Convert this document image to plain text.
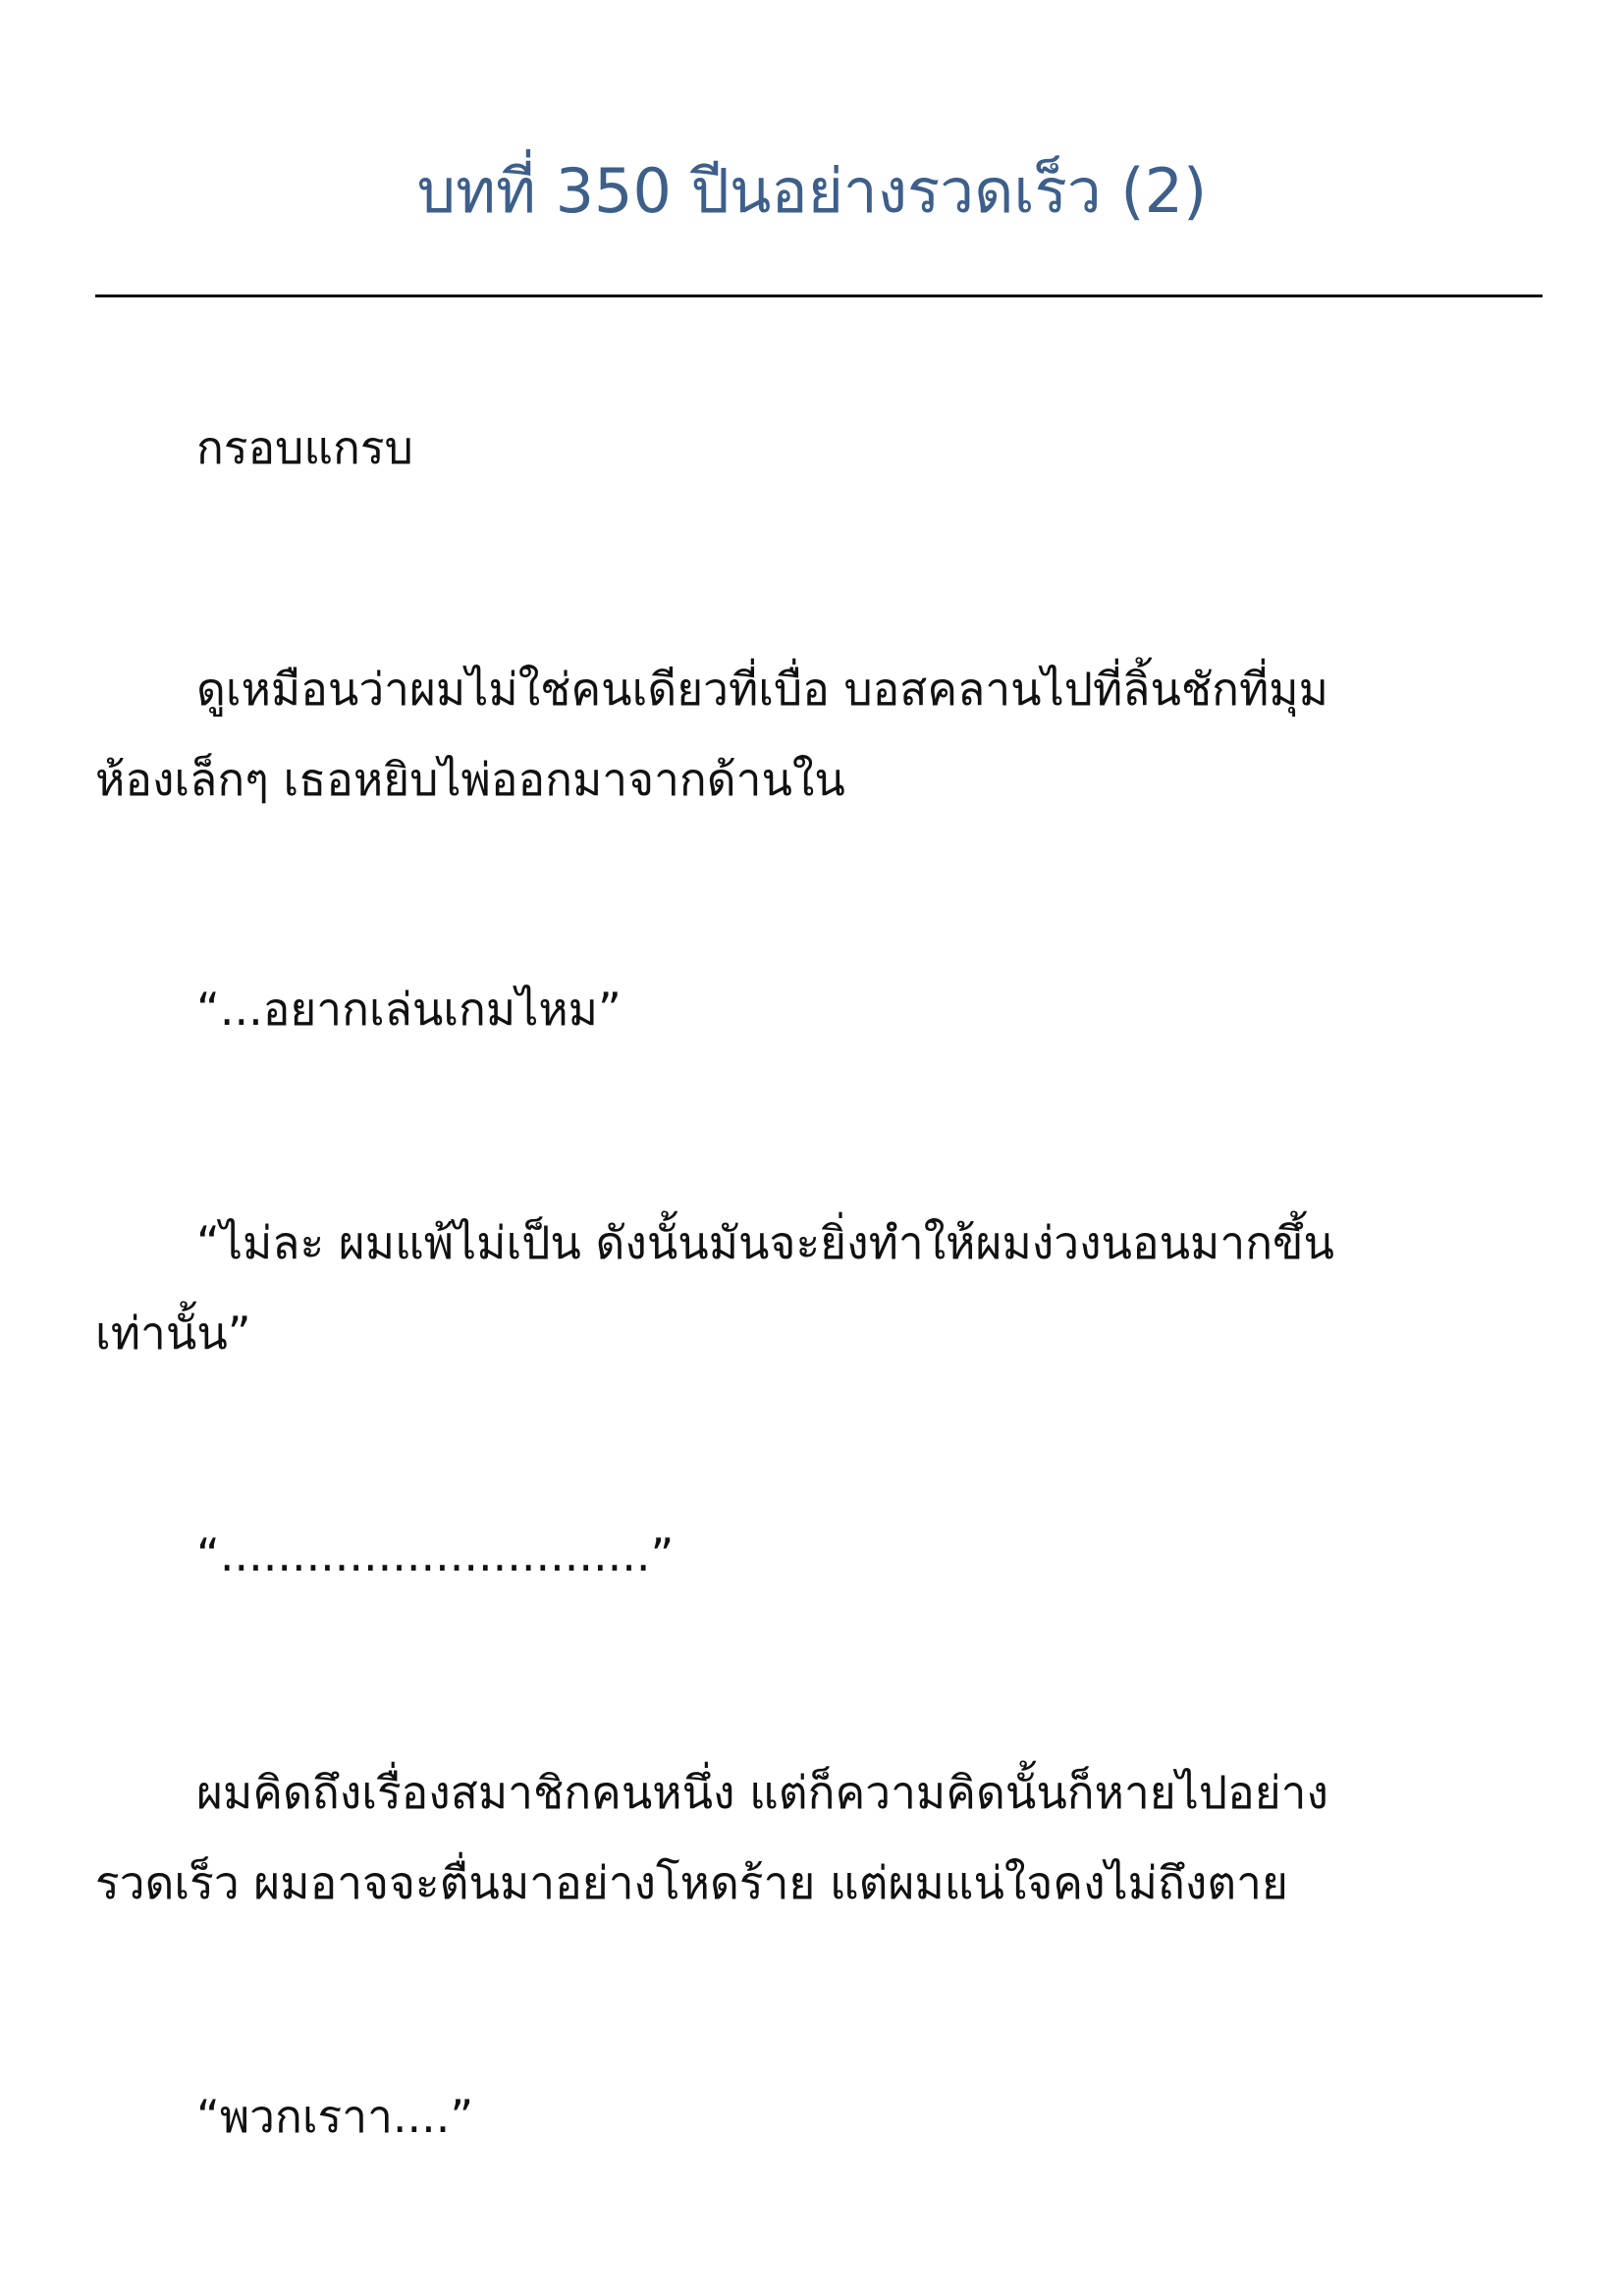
บทที่ 350 ปีนอย่างรวดเร็ว (2)

กรอบแกรบ

ดูเหมือนว่าผมไม่ใช่คนเดียวที่เบื่อ บอสคลานไปที่ลิ้นชักที่มุม
ห้องเล็กๆ เธอหยิบไพ่ออกมาจากด้านใน

“...อยากเล่นเกมไหม”

“ไม่ละ ผมแพ้ไม่เป็น ดังนั้นมันจะยิ่งทำให้ผมง่วงนอนมากขึ้น
เท่านั้น”

“..............................”

ผมคิดถึงเรื่องสมาชิกคนหนึ่ง แต่ก็ความคิดนั้นก็หายไปอย่าง
รวดเร็ว ผมอาจจะตื่นมาอย่างโหดร้าย แต่ผมแน่ใจคงไม่ถึงตาย

“พวกเราา....”
